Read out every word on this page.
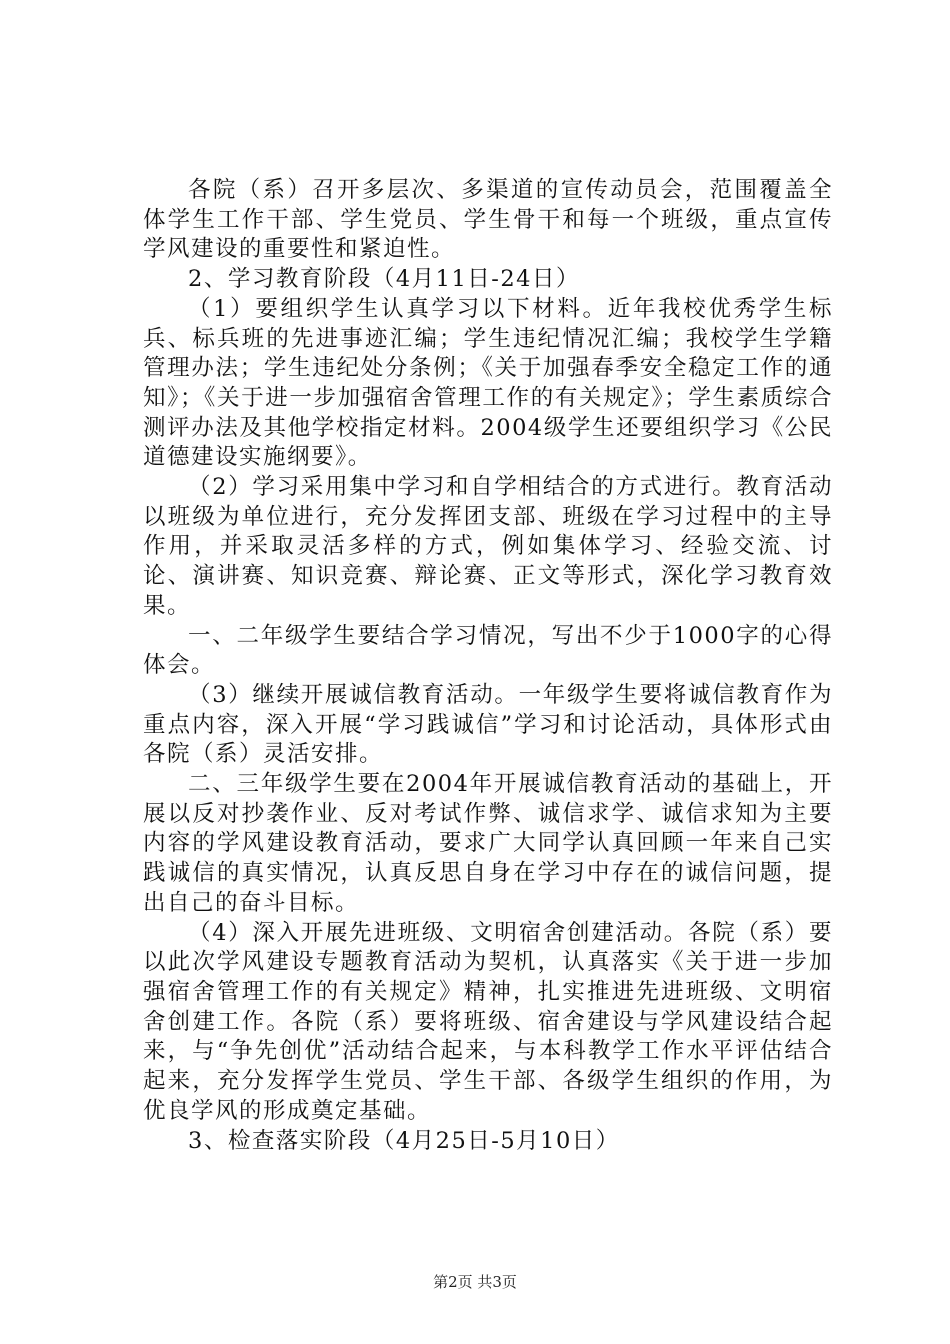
各院（系）召开多层次、多渠道的宣传动员会，范围覆盖全体学生工作干部、学生党员、学生骨干和每一个班级，重点宣传学风建设的重要性和紧迫性。

2、学习教育阶段（4月11日-24日）

（1）要组织学生认真学习以下材料。近年我校优秀学生标兵、标兵班的先进事迹汇编；学生违纪情况汇编；我校学生学籍管理办法；学生违纪处分条例；《关于加强春季安全稳定工作的通知》；《关于进一步加强宿舍管理工作的有关规定》；学生素质综合测评办法及其他学校指定材料。2004级学生还要组织学习《公民道德建设实施纲要》。

（2）学习采用集中学习和自学相结合的方式进行。教育活动以班级为单位进行，充分发挥团支部、班级在学习过程中的主导作用，并采取灵活多样的方式，例如集体学习、经验交流、讨论、演讲赛、知识竞赛、辩论赛、正文等形式，深化学习教育效果。

一、二年级学生要结合学习情况，写出不少于1000字的心得体会。

（3）继续开展诚信教育活动。一年级学生要将诚信教育作为重点内容，深入开展“学习践诚信”学习和讨论活动，具体形式由各院（系）灵活安排。

二、三年级学生要在2004年开展诚信教育活动的基础上，开展以反对抄袭作业、反对考试作弊、诚信求学、诚信求知为主要内容的学风建设教育活动，要求广大同学认真回顾一年来自己实践诚信的真实情况，认真反思自身在学习中存在的诚信问题，提出自己的奋斗目标。

（4）深入开展先进班级、文明宿舍创建活动。各院（系）要以此次学风建设专题教育活动为契机，认真落实《关于进一步加强宿舍管理工作的有关规定》精神，扎实推进先进班级、文明宿舍创建工作。各院（系）要将班级、宿舍建设与学风建设结合起来，与“争先创优”活动结合起来，与本科教学工作水平评估结合起来，充分发挥学生党员、学生干部、各级学生组织的作用，为优良学风的形成奠定基础。

3、检查落实阶段（4月25日-5月10日）

第2页 共3页
